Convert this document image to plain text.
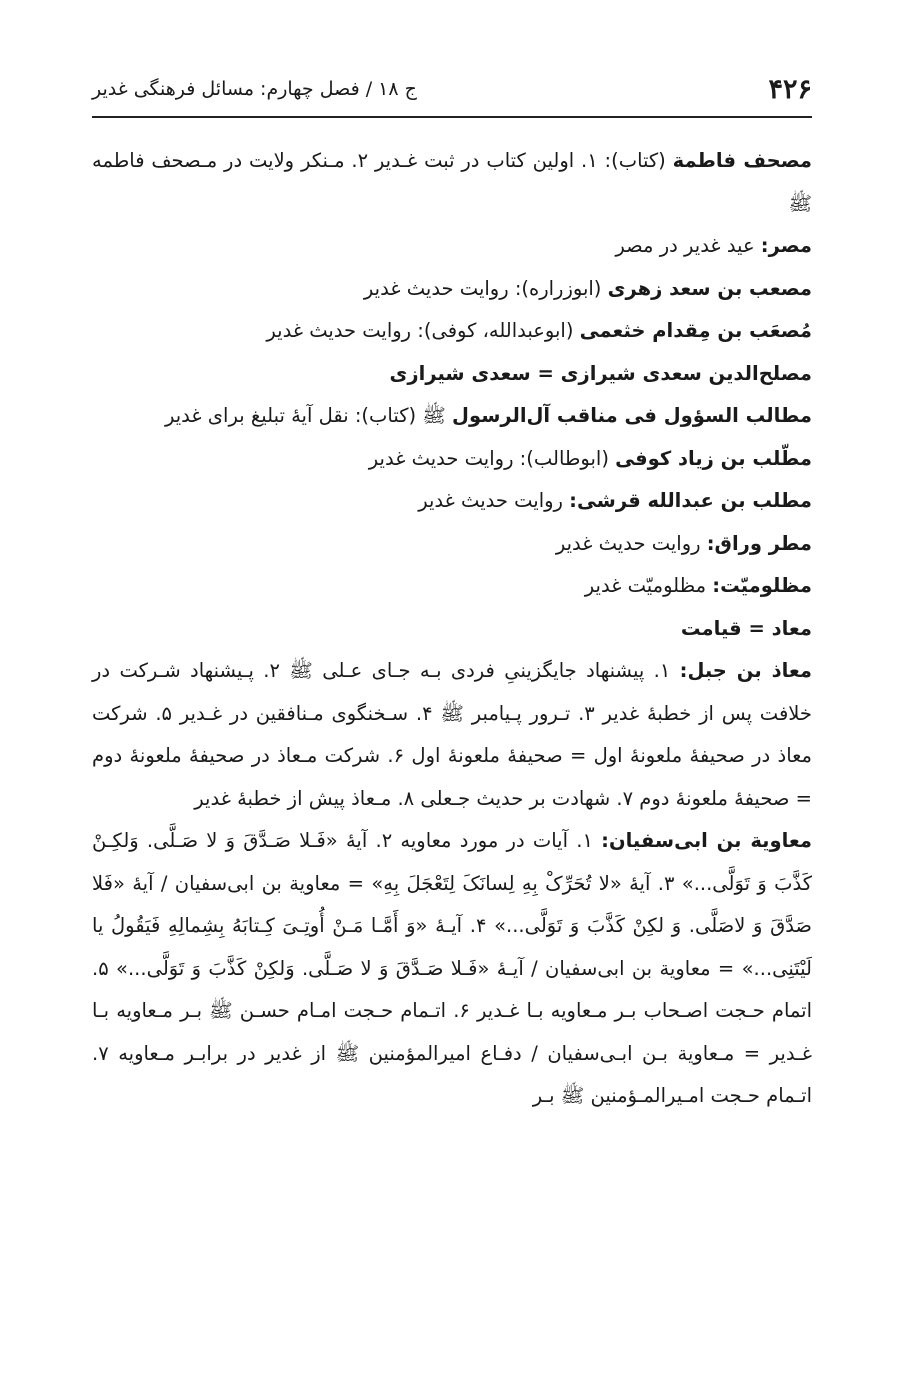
۴۲۶
ج ۱۸ / فصل چهارم: مسائل فرهنگی غدیر

مصحف فاطمة (کتاب): ۱. اولین کتاب در ثبت غـدیر ۲. مـنکر ولایت در مـصحف فاطمه ﷺ

مصر: عید غدیر در مصر

مصعب بن سعد زهری (ابوزراره): روایت حدیث غدیر

مُصعَب بن مِقدام خثعمی (ابوعبدالله، کوفی): روایت حدیث غدیر

مصلح‌الدین سعدی شیرازی = سعدی شیرازی

مطالب السؤول فی مناقب آل‌الرسول ﷺ (کتاب): نقل آیهٔ تبلیغ برای غدیر

مطّلب بن زیاد کوفی (ابوطالب): روایت حدیث غدیر

مطلب بن عبدالله قرشی: روایت حدیث غدیر

مطر وراق: روایت حدیث غدیر

مظلومیّت: مظلومیّت غدیر

معاد = قیامت

معاذ بن جبل: ۱. پیشنهاد جایگزینیِ فردی بـه جـای عـلی ﷺ ۲. پـیشنهاد شـرکت در خلافت پس از خطبهٔ غدیر ۳. تـرور پـیامبر ﷺ ۴. سـخنگوی مـنافقین در غـدیر ۵. شرکت معاذ در صحیفهٔ ملعونهٔ اول = صحیفهٔ ملعونهٔ اول ۶. شرکت مـعاذ در صحیفهٔ ملعونهٔ دوم = صحیفهٔ ملعونهٔ دوم ۷. شهادت بر حدیث جـعلی ۸. مـعاذ پیش از خطبهٔ غدیر

معاویة بن ابی‌سفیان: ۱. آیات در مورد معاویه ۲. آیهٔ «فَـلا صَـدَّقَ وَ لا صَـلَّی. وَلکِـنْ کَذَّبَ وَ تَوَلَّی...» ۳. آیهٔ «لا تُحَرِّکْ بِهِ لِسانَکَ لِتَعْجَلَ بِهِ» = معاویة بن ابی‌سفیان / آیهٔ «فَلا صَدَّقَ وَ لاصَلَّی. وَ لکِنْ کَذَّبَ وَ تَوَلَّی...» ۴. آیـهٔ «وَ أَمَّـا مَـنْ أُوتِـیَ کِـتابَهُ بِشِمالِهِ فَیَقُولُ یا لَیْتَنِی...» = معاویة بن ابی‌سفیان / آیـهٔ «فَـلا صَـدَّقَ وَ لا صَـلَّی. وَلکِنْ کَذَّبَ وَ تَوَلَّی...» ۵. اتمام حـجت اصـحاب بـر مـعاویه بـا غـدیر ۶. اتـمام حـجت امـام حسـن ﷺ بـر مـعاویه بـا غـدیر = مـعاویة بـن ابـی‌سفیان / دفـاع امیرالمؤمنین ﷺ از غدیر در برابـر مـعاویه ۷. اتـمام حـجت امـیرالمـؤمنین ﷺ بـر
